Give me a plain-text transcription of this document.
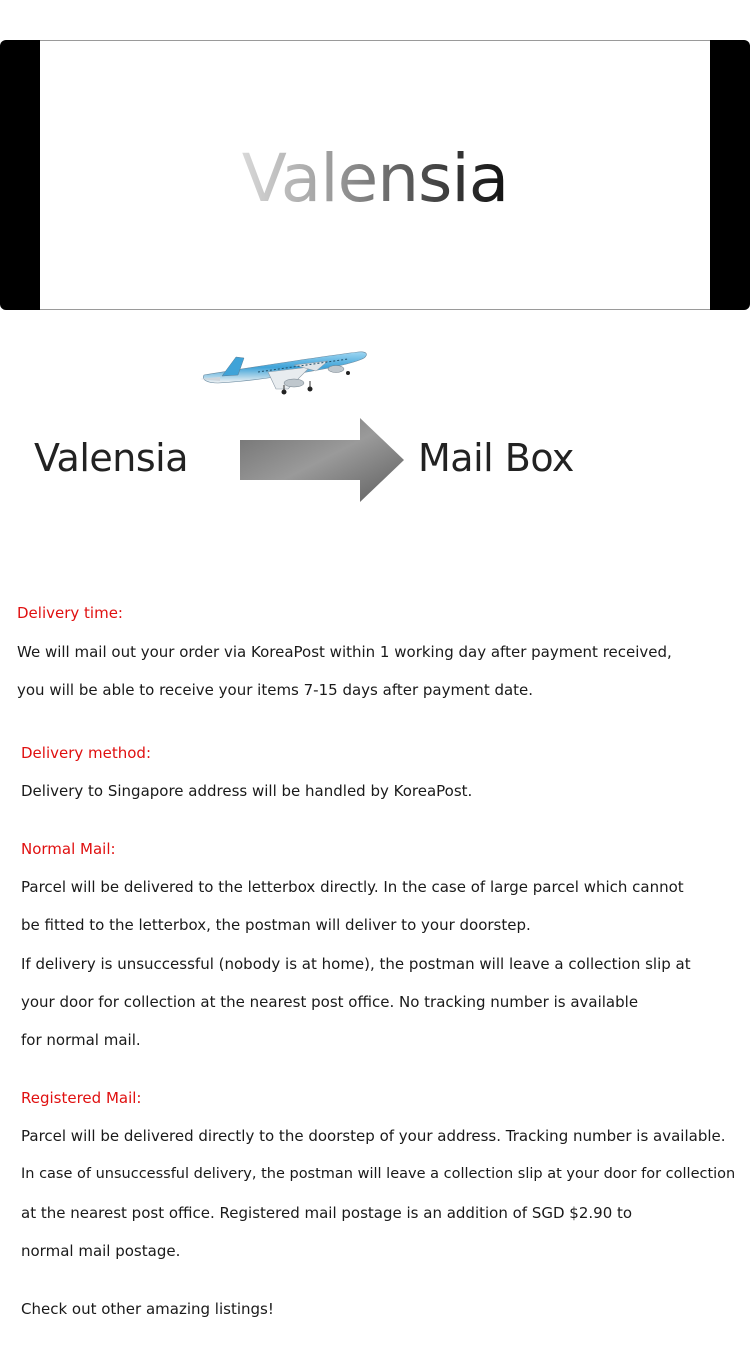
Valensia
Valensia	Mail Box
Delivery time:
We will mail out your order via KoreaPost within 1 working day after payment received,
you will be able to receive your items 7-15 days after payment date.
Delivery method:
Delivery to Singapore address will be handled by KoreaPost.
Normal Mail:
Parcel will be delivered to the letterbox directly. In the case of large parcel which cannot
be fitted to the letterbox, the postman will deliver to your doorstep.
If delivery is unsuccessful (nobody is at home), the postman will leave a collection slip at
your door for collection at the nearest post office. No tracking number is available
for normal mail.
Registered Mail:
Parcel will be delivered directly to the doorstep of your address. Tracking number is available.
In case of unsuccessful delivery, the postman will leave a collection slip at your door for collection
at the nearest post office. Registered mail postage is an addition of SGD $2.90 to
normal mail postage.
Check out other amazing listings!
